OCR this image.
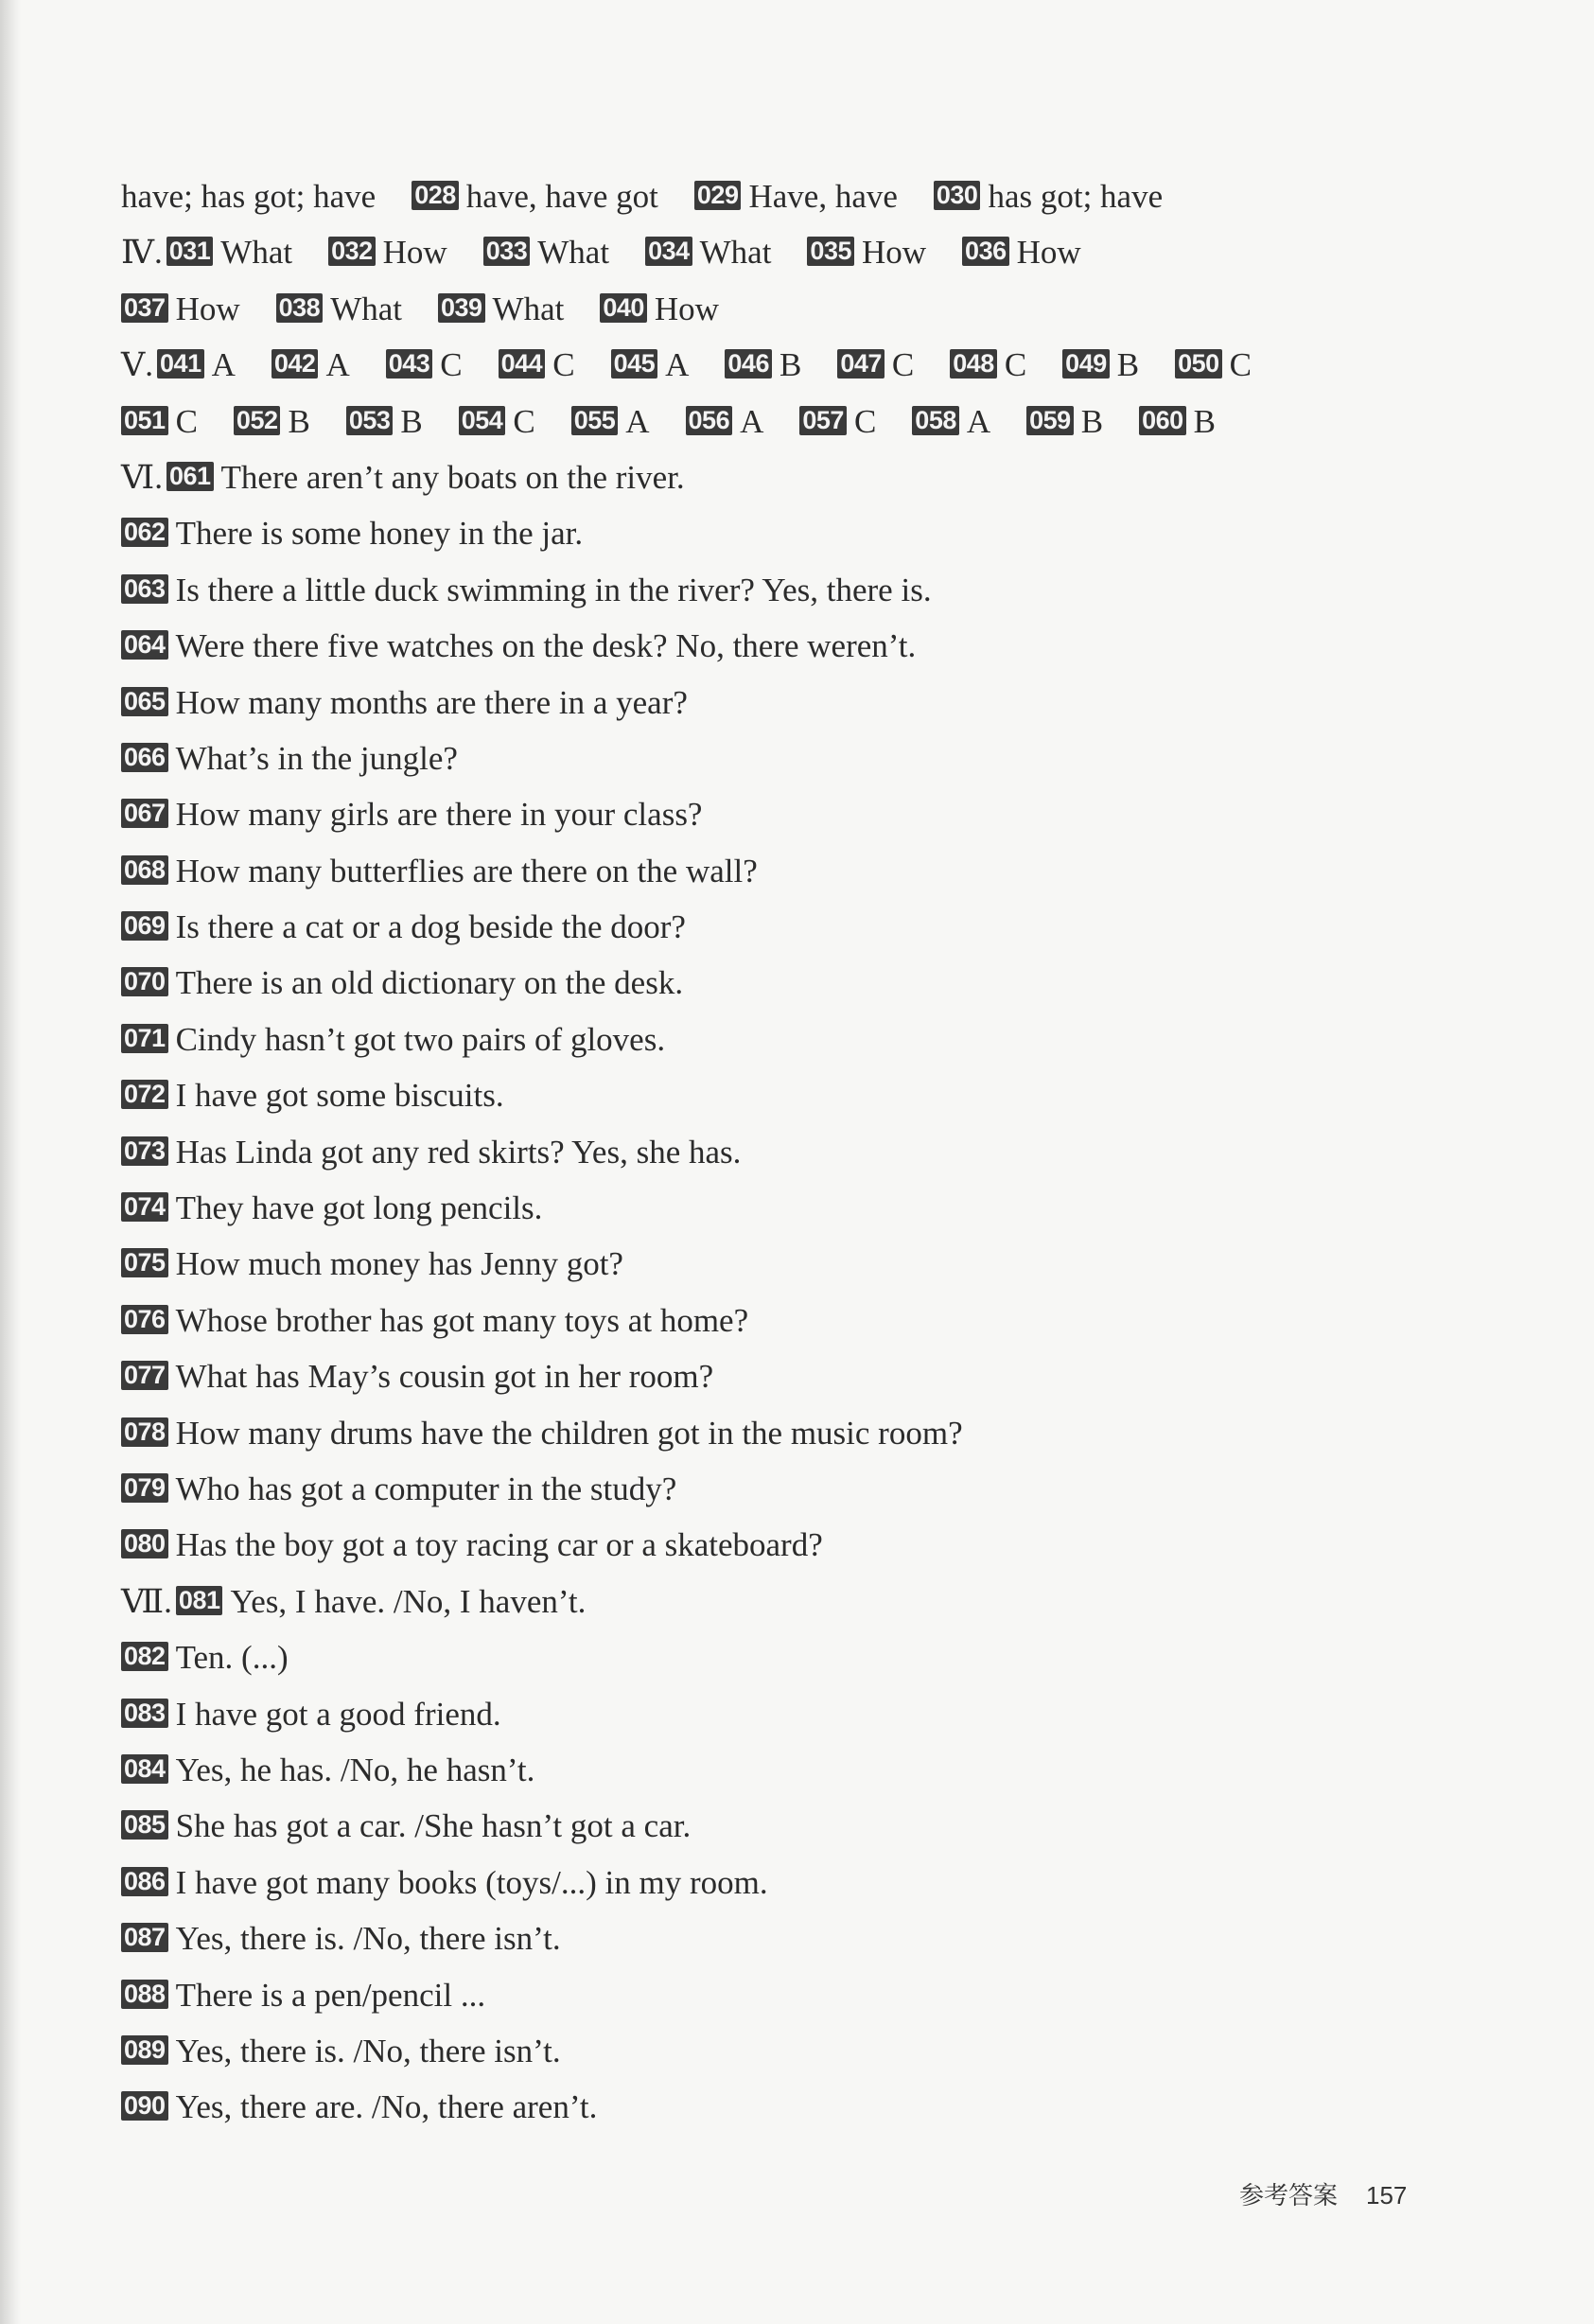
have; has got; have 028 have, have got 029 Have, have 030 has got; have
Ⅳ. 031 What 032 How 033 What 034 What 035 How 036 How
037 How 038 What 039 What 040 How
Ⅴ. 041 A 042 A 043 C 044 C 045 A 046 B 047 C 048 C 049 B 050 C
051 C 052 B 053 B 054 C 055 A 056 A 057 C 058 A 059 B 060 B
Ⅵ. 061 There aren’t any boats on the river.
062 There is some honey in the jar.
063 Is there a little duck swimming in the river? Yes, there is.
064 Were there five watches on the desk? No, there weren’t.
065 How many months are there in a year?
066 What’s in the jungle?
067 How many girls are there in your class?
068 How many butterflies are there on the wall?
069 Is there a cat or a dog beside the door?
070 There is an old dictionary on the desk.
071 Cindy hasn’t got two pairs of gloves.
072 I have got some biscuits.
073 Has Linda got any red skirts? Yes, she has.
074 They have got long pencils.
075 How much money has Jenny got?
076 Whose brother has got many toys at home?
077 What has May’s cousin got in her room?
078 How many drums have the children got in the music room?
079 Who has got a computer in the study?
080 Has the boy got a toy racing car or a skateboard?
Ⅶ. 081 Yes, I have. /No, I haven’t.
082 Ten. (...)
083 I have got a good friend.
084 Yes, he has. /No, he hasn’t.
085 She has got a car. /She hasn’t got a car.
086 I have got many books (toys/...) in my room.
087 Yes, there is. /No, there isn’t.
088 There is a pen/pencil ...
089 Yes, there is. /No, there isn’t.
090 Yes, there are. /No, there aren’t.
参考答案 157
